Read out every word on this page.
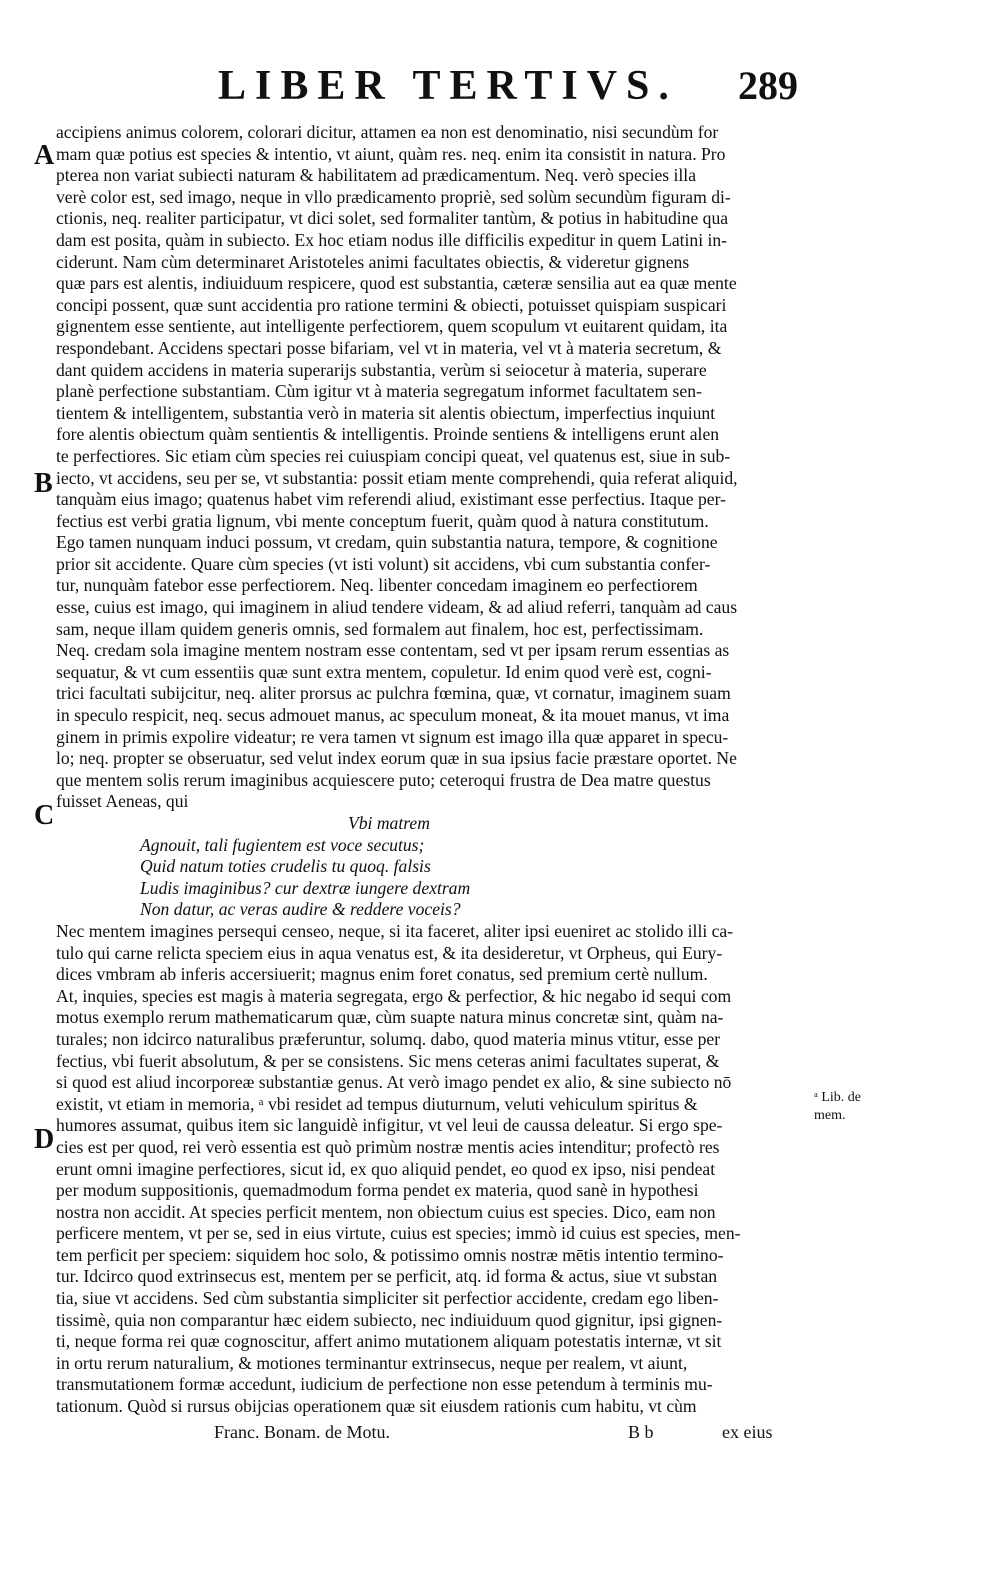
LIBER TERTIVS. 289
A
B
C
D
ᵃ Lib. de
mem.
accipiens animus colorem, colorari dicitur, attamen ea non est denominatio, nisi secundùm for
mam quæ potius est species & intentio, vt aiunt, quàm res. neq. enim ita consistit in natura. Pro
pterea non variat subiecti naturam & habilitatem ad prædicamentum. Neq. verò species illa
verè color est, sed imago, neque in vllo prædicamento propriè, sed solùm secundùm figuram di-
ctionis, neq. realiter participatur, vt dici solet, sed formaliter tantùm, & potius in habitudine qua
dam est posita, quàm in subiecto. Ex hoc etiam nodus ille difficilis expeditur in quem Latini in-
ciderunt. Nam cùm determinaret Aristoteles animi facultates obiectis, & videretur gignens
quæ pars est alentis, indiuiduum respicere, quod est substantia, cæteræ sensilia aut ea quæ mente
concipi possent, quæ sunt accidentia pro ratione termini & obiecti, potuisset quispiam suspicari
gignentem esse sentiente, aut intelligente perfectiorem, quem scopulum vt euitarent quidam, ita
respondebant. Accidens spectari posse bifariam, vel vt in materia, vel vt à materia secretum, &
dant quidem accidens in materia superarijs substantia, verùm si seiocetur à materia, superare
planè perfectione substantiam. Cùm igitur vt à materia segregatum informet facultatem sen-
tientem & intelligentem, substantia verò in materia sit alentis obiectum, imperfectius inquiunt
fore alentis obiectum quàm sentientis & intelligentis. Proinde sentiens & intelligens erunt alen
te perfectiores. Sic etiam cùm species rei cuiuspiam concipi queat, vel quatenus est, siue in sub-
iecto, vt accidens, seu per se, vt substantia: possit etiam mente comprehendi, quia referat aliquid,
tanquàm eius imago; quatenus habet vim referendi aliud, existimant esse perfectius. Itaque per-
fectius est verbi gratia lignum, vbi mente conceptum fuerit, quàm quod à natura constitutum.
Ego tamen nunquam induci possum, vt credam, quin substantia natura, tempore, & cognitione
prior sit accidente. Quare cùm species (vt isti volunt) sit accidens, vbi cum substantia confer-
tur, nunquàm fatebor esse perfectiorem. Neq. libenter concedam imaginem eo perfectiorem
esse, cuius est imago, qui imaginem in aliud tendere videam, & ad aliud referri, tanquàm ad caus
sam, neque illam quidem generis omnis, sed formalem aut finalem, hoc est, perfectissimam.
Neq. credam sola imagine mentem nostram esse contentam, sed vt per ipsam rerum essentias as
sequatur, & vt cum essentiis quæ sunt extra mentem, copuletur. Id enim quod verè est, cogni-
trici facultati subijcitur, neq. aliter prorsus ac pulchra fœmina, quæ, vt cornatur, imaginem suam
in speculo respicit, neq. secus admouet manus, ac speculum moneat, & ita mouet manus, vt ima
ginem in primis expolire videatur; re vera tamen vt signum est imago illa quæ apparet in specu-
lo; neq. propter se obseruatur, sed velut index eorum quæ in sua ipsius facie præstare oportet. Ne
que mentem solis rerum imaginibus acquiescere puto; ceteroqui frustra de Dea matre questus
fuisset Aeneas, qui
Vbi matrem
Agnouit, tali fugientem est voce secutus;
Quid natum toties crudelis tu quoq. falsis
Ludis imaginibus? cur dextræ iungere dextram
Non datur, ac veras audire & reddere voceis?
Nec mentem imagines persequi censeo, neque, si ita faceret, aliter ipsi eueniret ac stolido illi ca-
tulo qui carne relicta speciem eius in aqua venatus est, & ita desideretur, vt Orpheus, qui Eury-
dices vmbram ab inferis accersiuerit; magnus enim foret conatus, sed premium certè nullum.
At, inquies, species est magis à materia segregata, ergo & perfectior, & hic negabo id sequi com
motus exemplo rerum mathematicarum quæ, cùm suapte natura minus concretæ sint, quàm na-
turales; non idcirco naturalibus præferuntur, solumq. dabo, quod materia minus vtitur, esse per
fectius, vbi fuerit absolutum, & per se consistens. Sic mens ceteras animi facultates superat, &
si quod est aliud incorporeæ substantiæ genus. At verò imago pendet ex alio, & sine subiecto nō
existit, vt etiam in memoria, ᵃ vbi residet ad tempus diuturnum, veluti vehiculum spiritus &
humores assumat, quibus item sic languidè infigitur, vt vel leui de caussa deleatur. Si ergo spe-
cies est per quod, rei verò essentia est quò primùm nostræ mentis acies intenditur; profectò res
erunt omni imagine perfectiores, sicut id, ex quo aliquid pendet, eo quod ex ipso, nisi pendeat
per modum suppositionis, quemadmodum forma pendet ex materia, quod sanè in hypothesi
nostra non accidit. At species perficit mentem, non obiectum cuius est species. Dico, eam non
perficere mentem, vt per se, sed in eius virtute, cuius est species; immò id cuius est species, men-
tem perficit per speciem: siquidem hoc solo, & potissimo omnis nostræ mētis intentio termino-
tur. Idcirco quod extrinsecus est, mentem per se perficit, atq. id forma & actus, siue vt substan
tia, siue vt accidens. Sed cùm substantia simpliciter sit perfectior accidente, credam ego liben-
tissimè, quia non comparantur hæc eidem subiecto, nec indiuiduum quod gignitur, ipsi gignen-
ti, neque forma rei quæ cognoscitur, affert animo mutationem aliquam potestatis internæ, vt sit
in ortu rerum naturalium, & motiones terminantur extrinsecus, neque per realem, vt aiunt,
transmutationem formæ accedunt, iudicium de perfectione non esse petendum à terminis mu-
tationum. Quòd si rursus obijcias operationem quæ sit eiusdem rationis cum habitu, vt cùm
Franc. Bonam. de Motu.	B b	ex eius
